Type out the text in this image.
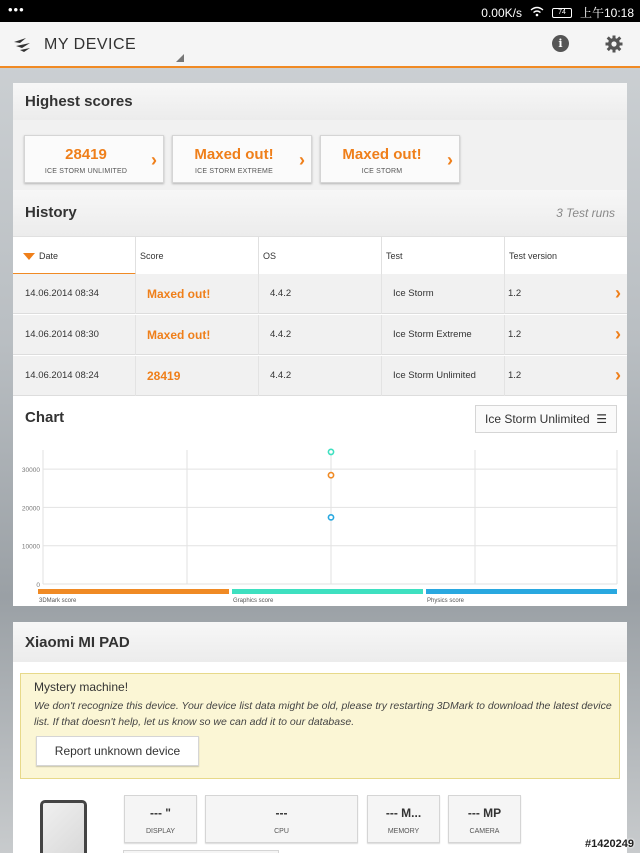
•••	0.00K/s	74	上午10:18
MY DEVICE	i
Highest scores
28419
ICE STORM UNLIMITED
›	Maxed out!
ICE STORM EXTREME
›	Maxed out!
ICE STORM
›
History	3 Test runs
Date	Score	OS	Test	Test version
14.06.2014 08:34	Maxed out!	4.4.2	Ice Storm	1.2	›
14.06.2014 08:30	Maxed out!	4.4.2	Ice Storm Extreme	1.2	›
14.06.2014 08:24	28419	4.4.2	Ice Storm Unlimited	1.2	›
Chart	Ice Storm Unlimited ☰
0
10000
20000
30000
3DMark score	Graphics score	Physics score
Xiaomi MI PAD
Mystery machine!
We don't recognize this device. Your device list data might be old, please try restarting 3DMark to download the latest device list. If that doesn't help, let us know so we can add it to our database.
Report unknown device
--- "
DISPLAY
---
CPU
--- M...
MEMORY
--- MP
CAMERA
#1420249
